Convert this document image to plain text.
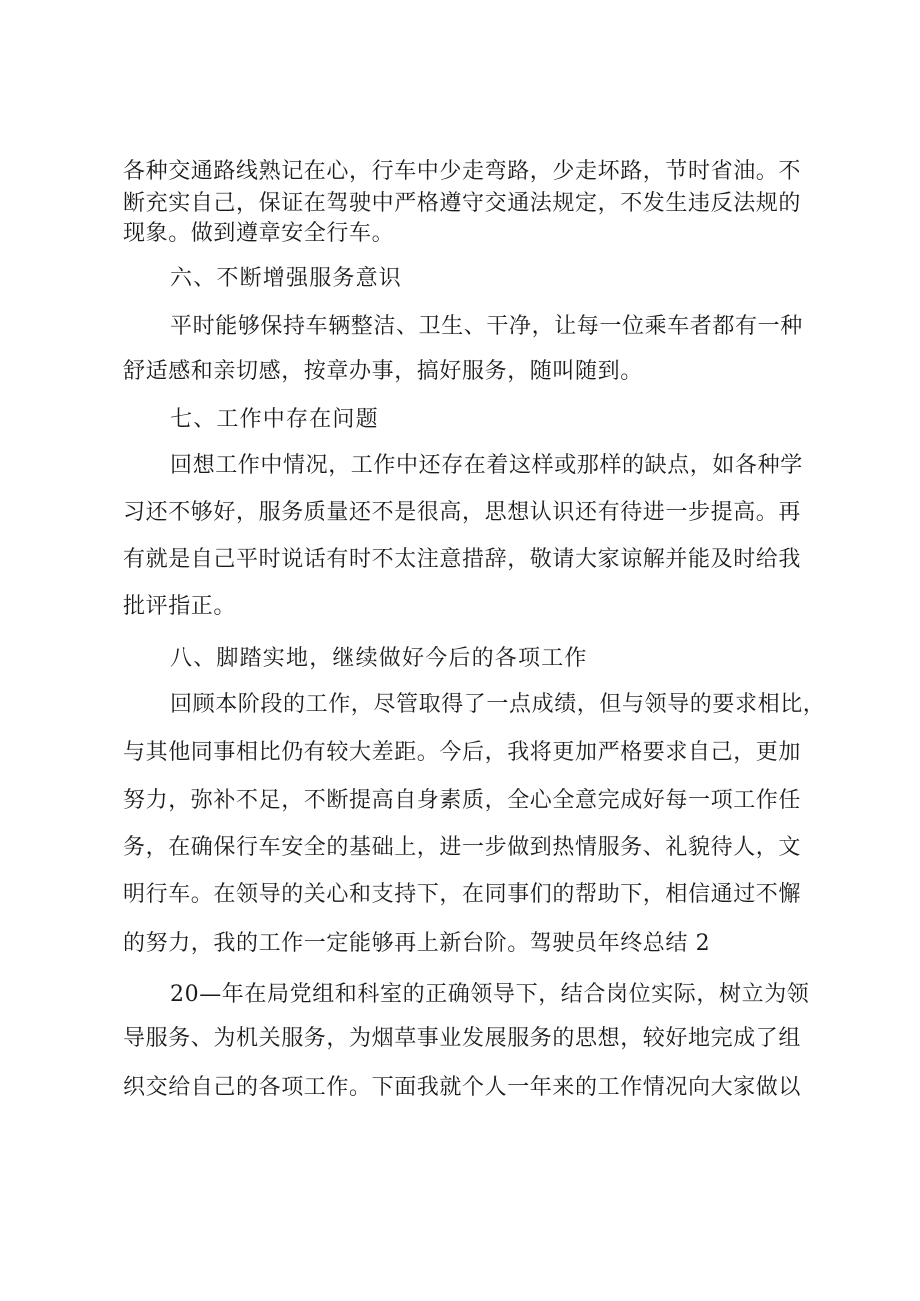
各种交通路线熟记在心，行车中少走弯路，少走坏路，节时省油。不
断充实自己，保证在驾驶中严格遵守交通法规定，不发生违反法规的
现象。做到遵章安全行车。
六、不断增强服务意识
平时能够保持车辆整洁、卫生、干净，让每一位乘车者都有一种
舒适感和亲切感，按章办事，搞好服务，随叫随到。
七、工作中存在问题
回想工作中情况，工作中还存在着这样或那样的缺点，如各种学
习还不够好，服务质量还不是很高，思想认识还有待进一步提高。再
有就是自己平时说话有时不太注意措辞，敬请大家谅解并能及时给我
批评指正。
八、脚踏实地，继续做好今后的各项工作
回顾本阶段的工作，尽管取得了一点成绩，但与领导的要求相比，
与其他同事相比仍有较大差距。今后，我将更加严格要求自己，更加
努力，弥补不足，不断提高自身素质，全心全意完成好每一项工作任
务，在确保行车安全的基础上，进一步做到热情服务、礼貌待人，文
明行车。在领导的关心和支持下，在同事们的帮助下，相信通过不懈
的努力，我的工作一定能够再上新台阶。驾驶员年终总结 2
20—年在局党组和科室的正确领导下，结合岗位实际，树立为领
导服务、为机关服务，为烟草事业发展服务的思想，较好地完成了组
织交给自己的各项工作。下面我就个人一年来的工作情况向大家做以
